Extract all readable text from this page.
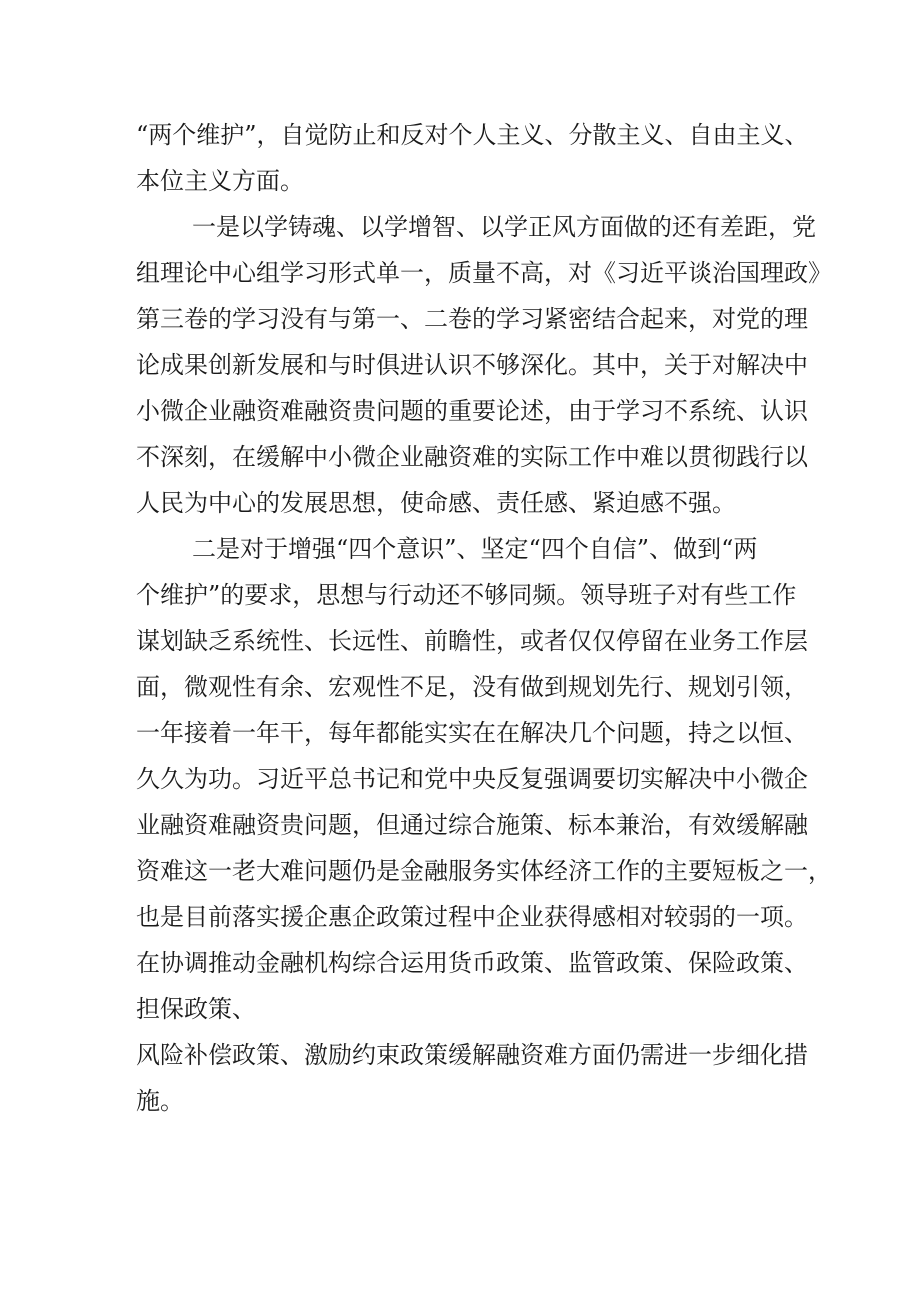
“两个维护”，自觉防止和反对个人主义、分散主义、自由主义、
本位主义方面。
一是以学铸魂、以学增智、以学正风方面做的还有差距，党
组理论中心组学习形式单一，质量不高，对《习近平谈治国理政》
第三卷的学习没有与第一、二卷的学习紧密结合起来，对党的理
论成果创新发展和与时俱进认识不够深化。其中，关于对解决中
小微企业融资难融资贵问题的重要论述，由于学习不系统、认识
不深刻，在缓解中小微企业融资难的实际工作中难以贯彻践行以
人民为中心的发展思想，使命感、责任感、紧迫感不强。
二是对于增强“四个意识”、坚定“四个自信”、做到“两
个维护”的要求，思想与行动还不够同频。领导班子对有些工作
谋划缺乏系统性、长远性、前瞻性，或者仅仅停留在业务工作层
面，微观性有余、宏观性不足，没有做到规划先行、规划引领，
一年接着一年干，每年都能实实在在解决几个问题，持之以恒、
久久为功。习近平总书记和党中央反复强调要切实解决中小微企
业融资难融资贵问题，但通过综合施策、标本兼治，有效缓解融
资难这一老大难问题仍是金融服务实体经济工作的主要短板之一，
也是目前落实援企惠企政策过程中企业获得感相对较弱的一项。
在协调推动金融机构综合运用货币政策、监管政策、保险政策、
担保政策、
风险补偿政策、激励约束政策缓解融资难方面仍需进一步细化措
施。
